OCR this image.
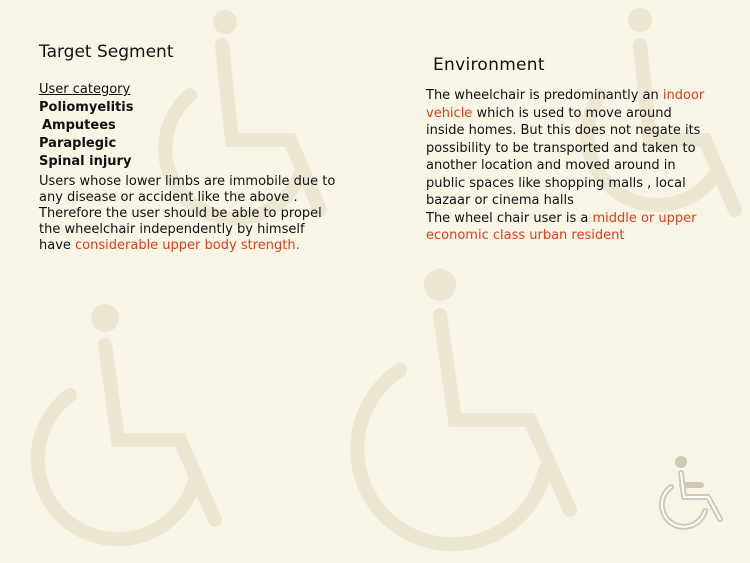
Target Segment
User category
Poliomyelitis
Amputees
Paraplegic
Spinal injury
Users whose lower limbs are immobile due to any disease or accident like the above . Therefore the user should be able to propel the wheelchair independently by himself have considerable upper body strength.
Environment
The wheelchair is predominantly an indoor vehicle which is used to move around inside homes. But this does not negate its possibility to be transported and taken to another location and moved around in public spaces like shopping malls , local bazaar or cinema halls
The wheel chair user is a middle or upper economic class urban resident
